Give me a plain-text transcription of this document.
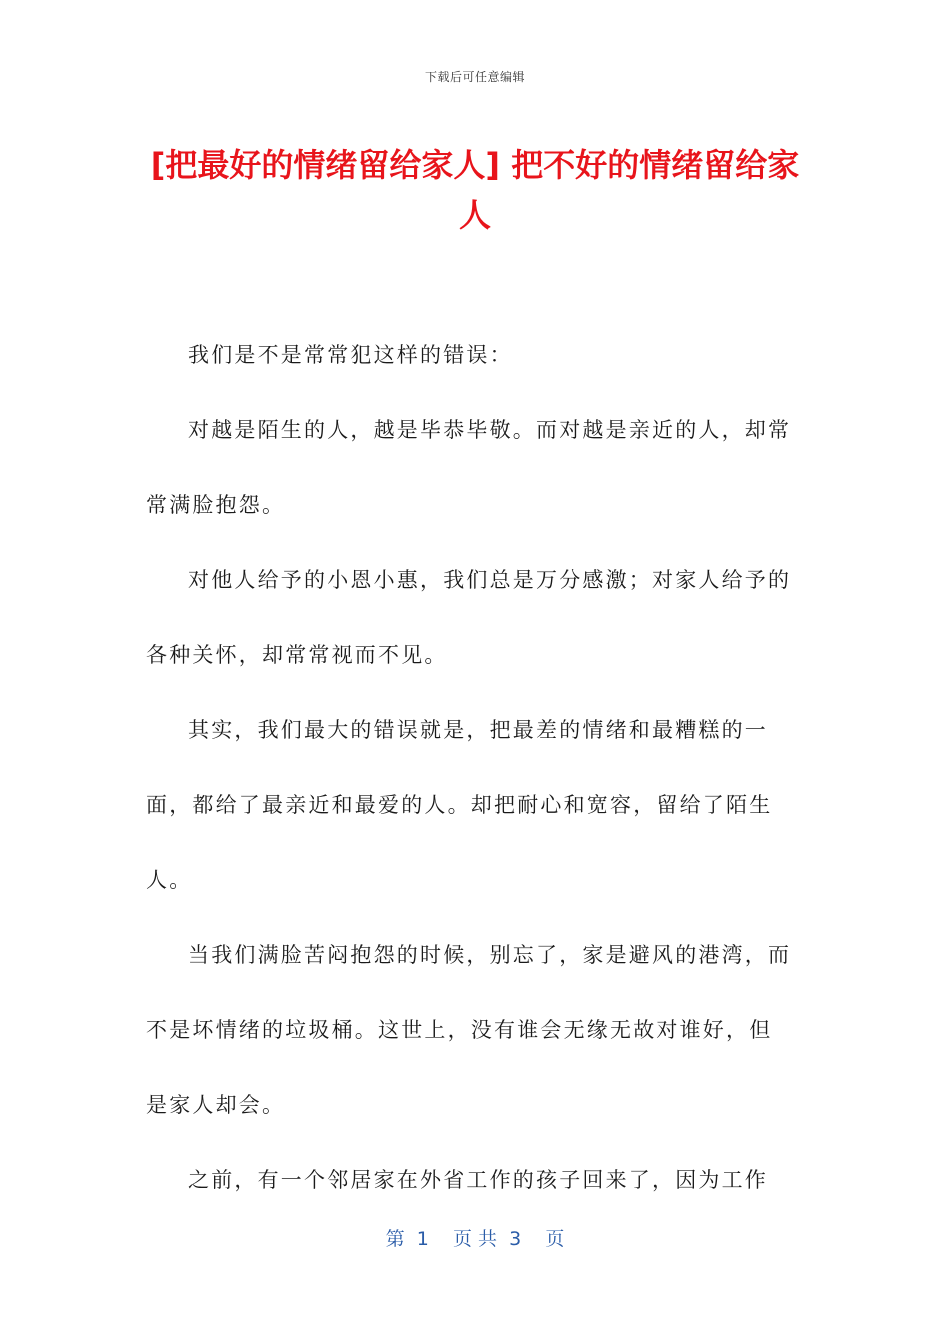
下载后可任意编辑
[把最好的情绪留给家人] 把不好的情绪留给家人

我们是不是常常犯这样的错误：

对越是陌生的人，越是毕恭毕敬。而对越是亲近的人，却常常满脸抱怨。

对他人给予的小恩小惠，我们总是万分感激；对家人给予的各种关怀，却常常视而不见。

其实，我们最大的错误就是，把最差的情绪和最糟糕的一面，都给了最亲近和最爱的人。却把耐心和宽容，留给了陌生人。

当我们满脸苦闷抱怨的时候，别忘了，家是避风的港湾，而不是坏情绪的垃圾桶。这世上，没有谁会无缘无故对谁好，但是家人却会。

之前，有一个邻居家在外省工作的孩子回来了，因为工作

第  1    页 共  3    页
